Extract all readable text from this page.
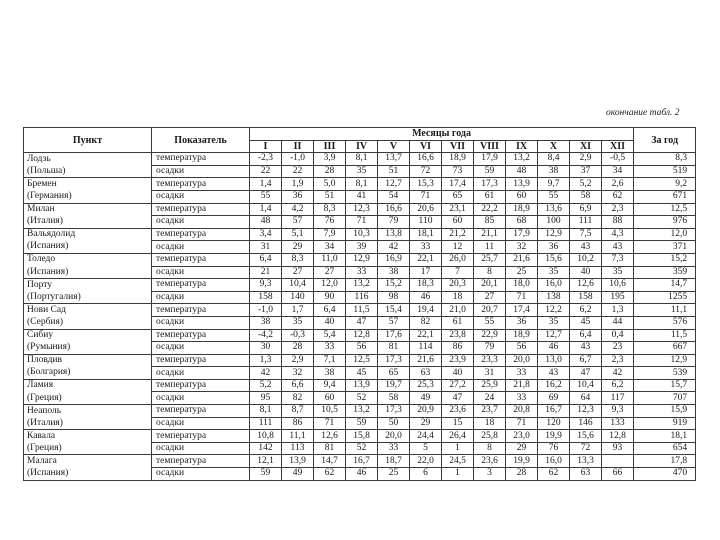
окончание табл. 2
Пункт	Показатель	Месяцы года												За год
		I	II	III	IV	V	VI	VII	VIII	IX	X	XI	XII	
Лодзь	температура	-2,3	-1,0	3,9	8,1	13,7	16,6	18,9	17,9	13,2	8,4	2,9	-0,5	8,3
(Польша)	осадки	22	22	28	35	51	72	73	59	48	38	37	34	519
Бремен	температура	1,4	1,9	5,0	8,1	12,7	15,3	17,4	17,3	13,9	9,7	5,2	2,6	9,2
(Германия)	осадки	55	36	51	41	54	71	65	61	60	55	58	62	671
Милан	температура	1,4	4,2	8,3	12,3	16,6	20,6	23,1	22,2	18,9	13,6	6,9	2,3	12,5
(Италия)	осадки	48	57	76	71	79	110	60	85	68	100	111	88	976
Вальядолид	температура	3,4	5,1	7,9	10,3	13,8	18,1	21,2	21,1	17,9	12,9	7,5	4,3	12,0
(Испания)	осадки	31	29	34	39	42	33	12	11	32	36	43	43	371
Толедо	температура	6,4	8,3	11,0	12,9	16,9	22,1	26,0	25,7	21,6	15,6	10,2	7,3	15,2
(Испания)	осадки	21	27	27	33	38	17	7	8	25	35	40	35	359
Порту	температура	9,3	10,4	12,0	13,2	15,2	18,3	20,3	20,1	18,0	16,0	12,6	10,6	14,7
(Португалия)	осадки	158	140	90	116	98	46	18	27	71	138	158	195	1255
Нови Сад	температура	-1,0	1,7	6,4	11,5	15,4	19,4	21,0	20,7	17,4	12,2	6,2	1,3	11,1
(Сербия)	осадки	38	35	40	47	57	82	61	55	36	35	45	44	576
Сибиу	температура	-4,2	-0,3	5,4	12,8	17,6	22,1	23,8	22,9	18,9	12,7	6,4	0,4	11,5
(Румыния)	осадки	30	28	33	56	81	114	86	79	56	46	43	23	667
Пловдив	температура	1,3	2,9	7,1	12,5	17,3	21,6	23,9	23,3	20,0	13,0	6,7	2,3	12,9
(Болгария)	осадки	42	32	38	45	65	63	40	31	33	43	47	42	539
Ламия	температура	5,2	6,6	9,4	13,9	19,7	25,3	27,2	25,9	21,8	16,2	10,4	6,2	15,7
(Греция)	осадки	95	82	60	52	58	49	47	24	33	69	64	117	707
Неаполь	температура	8,1	8,7	10,5	13,2	17,3	20,9	23,6	23,7	20,8	16,7	12,3	9,3	15,9
(Италия)	осадки	111	86	71	59	50	29	15	18	71	120	146	133	919
Кавала	температура	10,8	11,1	12,6	15,8	20,0	24,4	26,4	25,8	23,0	19,9	15,6	12,8	18,1
(Греция)	осадки	142	113	81	52	33	5	1	8	29	76	72	93	654
Малага	температура	12,1	13,9	14,7	16,7	18,7	22,0	24,5	23,6	19,9	16,0	13,3		17,8
(Испания)	осадки	59	49	62	46	25	6	1	3	28	62	63	66	470
